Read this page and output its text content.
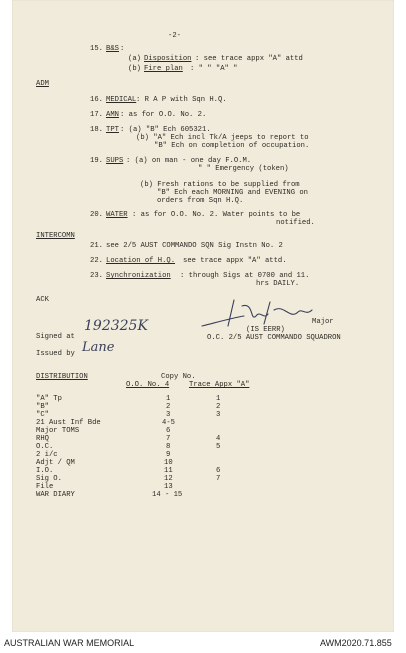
-2-
15. B&S :
(a) Disposition : see trace appx "A" attd
(b) Fire plan : " " "A" "
ADM
16. MEDICAL : R A P with Sqn H.Q.
17. AMN : as for O.O. No. 2.
18. TPT : (a) "B" Ech 605321.
(b) "A" Ech incl Tk/A jeeps to report to
"B" Ech on completion of occupation.
19. SUPS : (a) on man - one day F.O.M.
" " Emergency (token)
(b) Fresh rations to be supplied from
"B" Ech each MORNING and EVENING on
orders from Sqn H.Q.
20. WATER : as for O.O. No. 2. Water points to be
notified.
INTERCOMN
21. see 2/5 AUST COMMANDO SQN Sig Instn No. 2
22. Location of H.Q. see trace appx "A" attd.
23. Synchronization : through Sigs at 0700 and 11.
hrs DAILY.
ACK
Major
(IS EERR)
O.C. 2/5 AUST COMMANDO SQUADRON
Signed at
192325K
Issued by Lane
DISTRIBUTION	Copy No.
O.O. No. 4	Trace Appx "A"
"A" Tp	1	1
"B"	2	2
"C"	3	3
21 Aust Inf Bde	4-5
Major TOMS	6
RHQ	7	4
O.C.	8	5
2 i/c	9
Adjt / QM	10
I.O.	11	6
Sig O.	12	7
File	13
WAR DIARY	14 - 15
AUSTRALIAN WAR MEMORIAL	AWM2020.71.855
